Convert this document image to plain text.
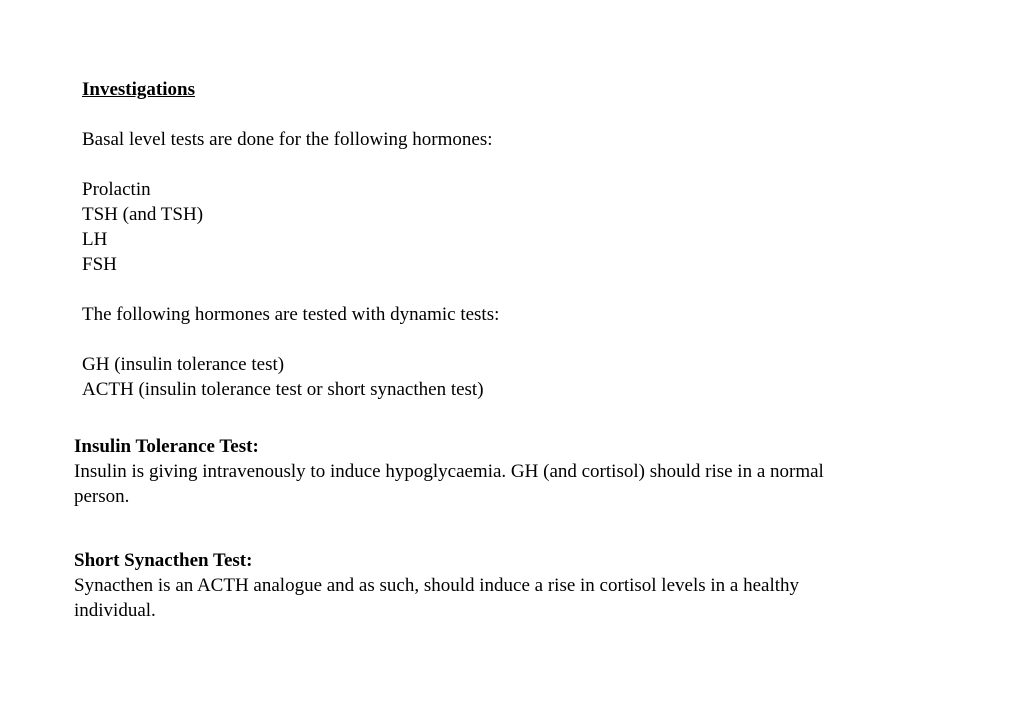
Investigations
Basal level tests are done for the following hormones:
Prolactin
TSH (and TSH)
LH
FSH
The following hormones are tested with dynamic tests:
GH (insulin tolerance test)
ACTH (insulin tolerance test or short synacthen test)
Insulin Tolerance Test:
Insulin is giving intravenously to induce hypoglycaemia. GH (and cortisol) should rise in a normal
person.
Short Synacthen Test:
Synacthen is an ACTH analogue and as such, should induce a rise in cortisol levels in a healthy
individual.
